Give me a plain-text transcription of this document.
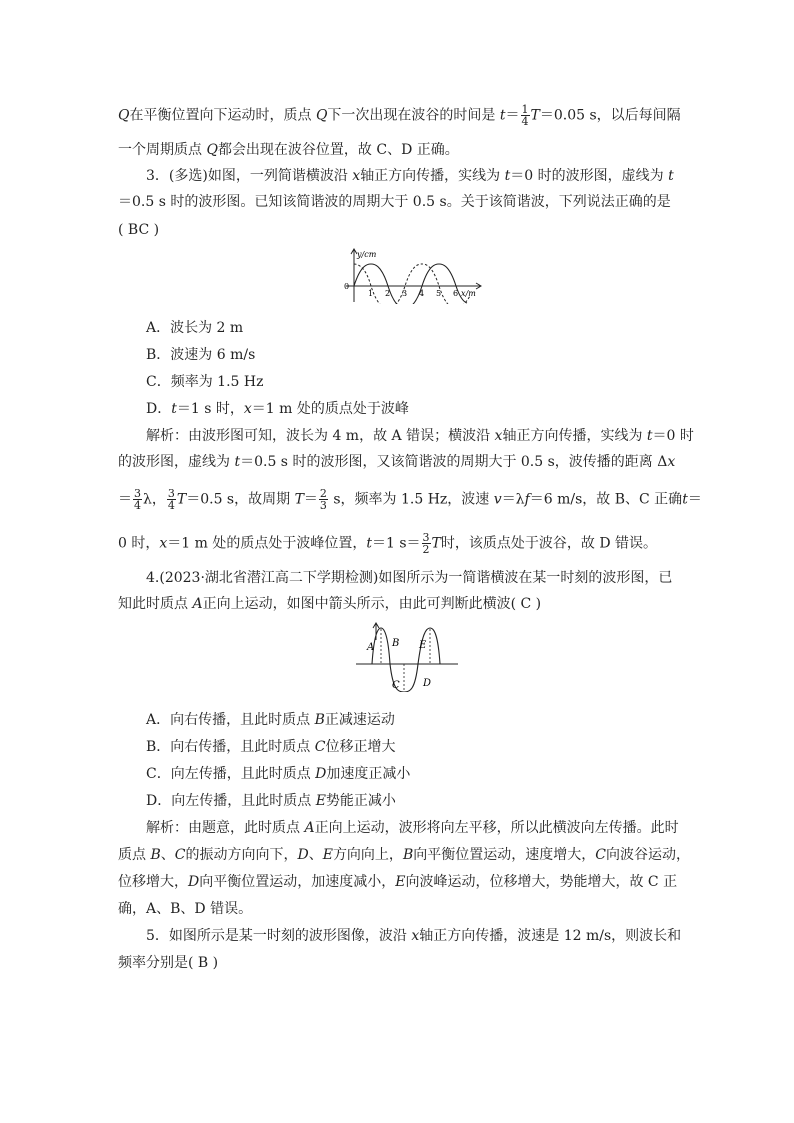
Q在平衡位置向下运动时，质点 Q下一次出现在波谷的时间是 $t= \frac{1}{4} T=0.05$ s，以后每间隔
一个周期质点 Q都会出现在波谷位置，故 C、D 正确。
3．(多选)如图，一列简谐横波沿 x轴正方向传播，实线为 t＝0 时的波形图，虚线为 t
＝0.5 s 时的波形图。已知该简谐波的周期大于 0.5 s。关于该简谐波，下列说法正确的是
( BC )
y/cm
0
1 2 3 4 5 6 x/m
A．波长为 2 m
B．波速为 6 m/s
C．频率为 1.5 Hz
D．t＝1 s 时，x＝1 m 处的质点处于波峰
解析：由波形图可知，波长为 4 m，故 A 错误；横波沿 x轴正方向传播，实线为 t＝0 时
的波形图，虚线为 t＝0.5 s 时的波形图，又该简谐波的周期大于 0.5 s，波传播的距离 Δx
＝ $\frac{3}{4}$ λ， $\frac{3}{4} T=0.5$ s，故周期 $T= \frac{2}{3}$ s，频率为 1.5 Hz，波速 v＝λf＝6 m/s，故 B、C 正确t＝
0 时，x＝1 m 处的质点处于波峰位置，t＝1 $s= \frac{3}{2}$ T时，该质点处于波谷，故 D 错误。
4.(2023·湖北省潜江高二下学期检测)如图所示为一简谐横波在某一时刻的波形图，已
知此时质点 A正向上运动，如图中箭头所示，由此可判断此横波( C )
A B
C D
E
A．向右传播，且此时质点 B正减速运动
B．向右传播，且此时质点 C位移正增大
C．向左传播，且此时质点 D加速度正减小
D．向左传播，且此时质点 E势能正减小
解析：由题意，此时质点 A正向上运动，波形将向左平移，所以此横波向左传播。此时
质点 B、C的振动方向向下，D、E方向向上，B向平衡位置运动，速度增大，C向波谷运动，
位移增大，D向平衡位置运动，加速度减小，E向波峰运动，位移增大，势能增大，故 C 正
确，A、B、D 错误。
5．如图所示是某一时刻的波形图像，波沿 x轴正方向传播，波速是 12 m/s，则波长和
频率分别是( B )
